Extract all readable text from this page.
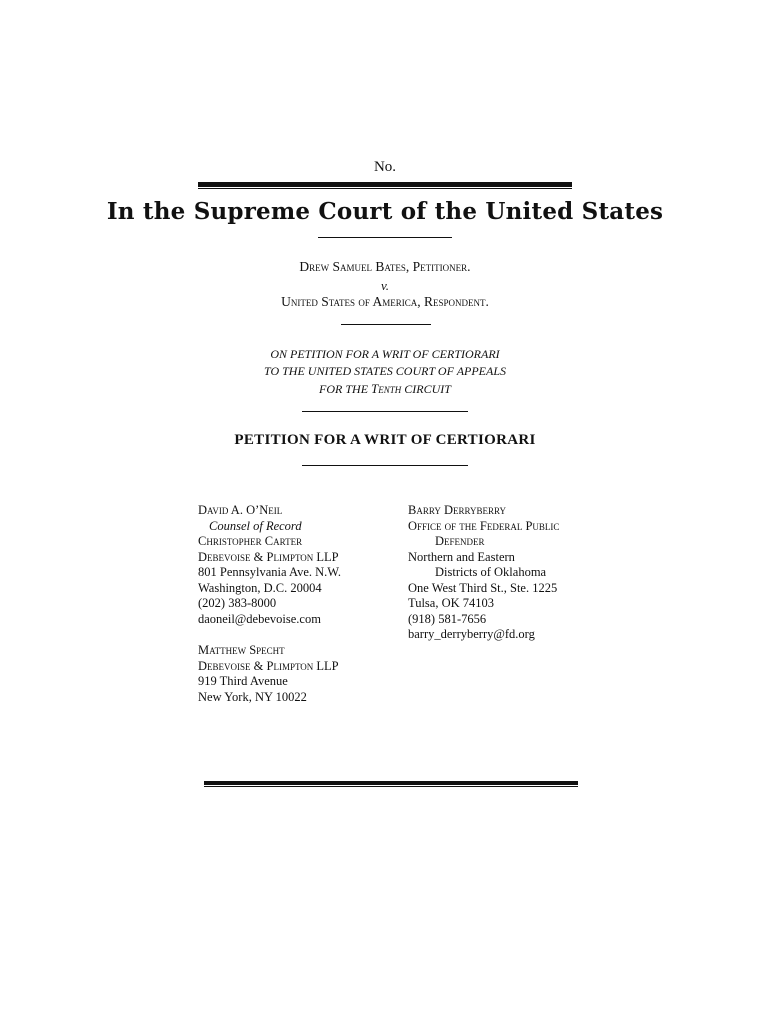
No.
In the Supreme Court of the United States
Drew Samuel Bates, Petitioner.
v.
United States of America, Respondent.
ON PETITION FOR A WRIT OF CERTIORARI
TO THE UNITED STATES COURT OF APPEALS
FOR THE Tenth CIRCUIT
PETITION FOR A WRIT OF CERTIORARI
David A. O’Neil
Counsel of Record
Christopher Carter
Debevoise & Plimpton LLP
801 Pennsylvania Ave. N.W.
Washington, D.C. 20004
(202) 383-8000
daoneil@debevoise.com
Matthew Specht
Debevoise & Plimpton LLP
919 Third Avenue
New York, NY 10022
Barry Derryberry
Office of the Federal Public
Defender
Northern and Eastern
Districts of Oklahoma
One West Third St., Ste. 1225
Tulsa, OK 74103
(918) 581-7656
barry_derryberry@fd.org
